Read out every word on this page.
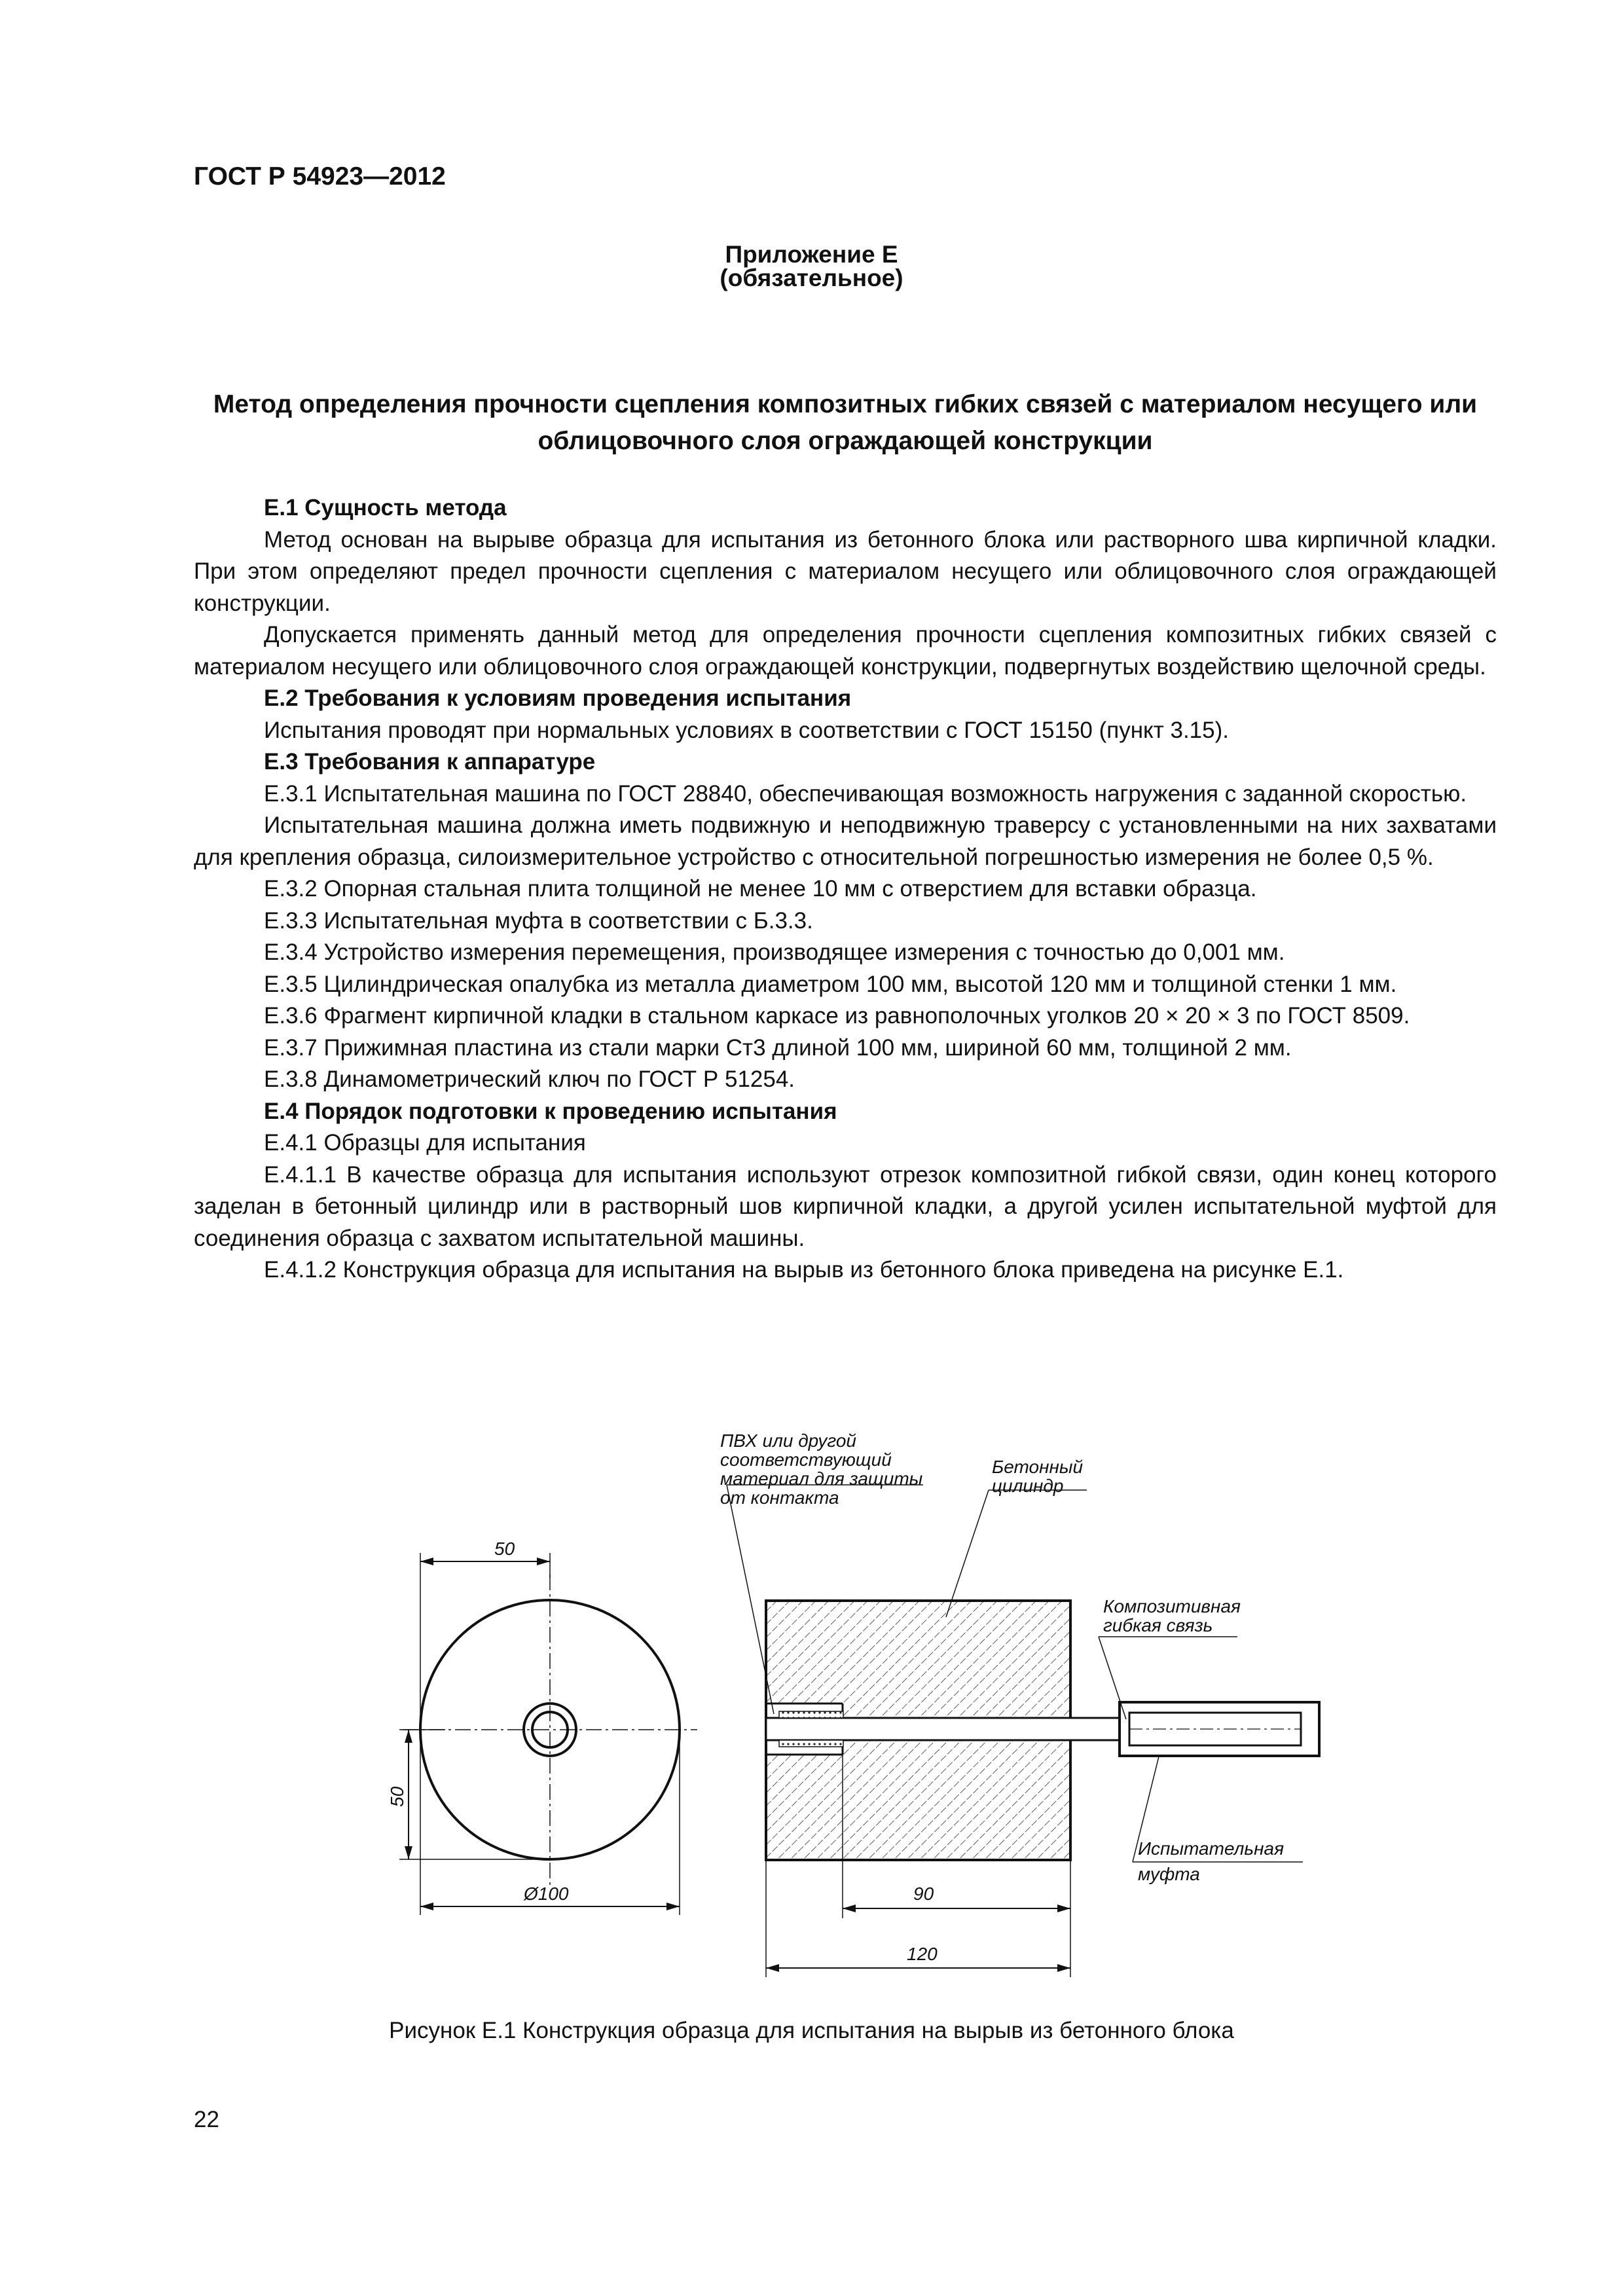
ГОСТ Р 54923—2012
Приложение Е
(обязательное)
Метод определения прочности сцепления композитных гибких связей с материалом несущего или облицовочного слоя ограждающей конструкции
Е.1 Сущность метода

Метод основан на вырыве образца для испытания из бетонного блока или растворного шва кирпичной кладки. При этом определяют предел прочности сцепления с материалом несущего или облицовочного слоя ограждающей конструкции.

Допускается применять данный метод для определения прочности сцепления композитных гибких связей с материалом несущего или облицовочного слоя ограждающей конструкции, подвергнутых воздействию щелочной среды.

Е.2 Требования к условиям проведения испытания

Испытания проводят при нормальных условиях в соответствии с ГОСТ 15150 (пункт 3.15).

Е.3 Требования к аппаратуре

Е.3.1 Испытательная машина по ГОСТ 28840, обеспечивающая возможность нагружения с заданной скоростью.

Испытательная машина должна иметь подвижную и неподвижную траверсу с установленными на них захватами для крепления образца, силоизмерительное устройство с относительной погрешностью измерения не более 0,5 %.

Е.3.2 Опорная стальная плита толщиной не менее 10 мм с отверстием для вставки образца.

Е.3.3 Испытательная муфта в соответствии с Б.3.3.

Е.3.4 Устройство измерения перемещения, производящее измерения с точностью до 0,001 мм.

Е.3.5 Цилиндрическая опалубка из металла диаметром 100 мм, высотой 120 мм и толщиной стенки 1 мм.

Е.3.6 Фрагмент кирпичной кладки в стальном каркасе из равнополочных уголков 20 × 20 × 3 по ГОСТ 8509.

Е.3.7 Прижимная пластина из стали марки Ст3 длиной 100 мм, шириной 60 мм, толщиной 2 мм.

Е.3.8 Динамометрический ключ по ГОСТ Р 51254.

Е.4 Порядок подготовки к проведению испытания

Е.4.1 Образцы для испытания

Е.4.1.1 В качестве образца для испытания используют отрезок композитной гибкой связи, один конец которого заделан в бетонный цилиндр или в растворный шов кирпичной кладки, а другой усилен испытательной муфтой для соединения образца с захватом испытательной машины.

Е.4.1.2 Конструкция образца для испытания на вырыв из бетонного блока приведена на рисунке Е.1.

50
50
Ø100	90
120
ПВХ или другой
соответствующий
материал для защиты
от контакта
Бетонный
цилиндр
Композитивная
гибкая связь
Испытательная
муфта
Рисунок Е.1 Конструкция образца для испытания на вырыв из бетонного блока
22
